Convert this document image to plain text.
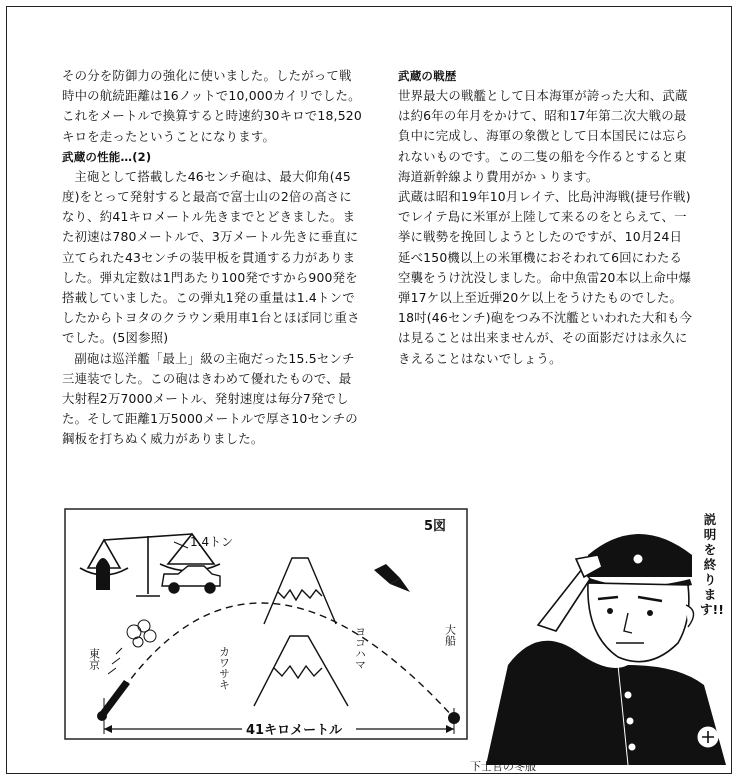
その分を防御力の強化に使いました。したがって戦時中の航続距離は16ノットで10,000カイリでした。これをメートルで換算すると時速約30キロで18,520キロを走ったということになります。

武蔵の性能…(2)

主砲として搭載した46センチ砲は、最大仰角(45度)をとって発射すると最高で富士山の2倍の高さになり、約41キロメートル先きまでとどきました。また初速は780メートルで、3万メートル先きに垂直に立てられた43センチの装甲板を貫通する力がありました。弾丸定数は1門あたり100発ですから900発を搭載していました。この弾丸1発の重量は1.4トンでしたからトヨタのクラウン乗用車1台とほぼ同じ重さでした。(5図参照)

副砲は巡洋艦「最上」級の主砲だった15.5センチ三連装でした。この砲はきわめて優れたもので、最大射程2万7000メートル、発射速度は毎分7発でした。そして距離1万5000メートルで厚さ10センチの鋼板を打ちぬく威力がありました。

武蔵の戦歴

世界最大の戦艦として日本海軍が誇った大和、武蔵は約6年の年月をかけて、昭和17年第二次大戦の最負中に完成し、海軍の象徴として日本国民には忘られないものです。この二隻の船を今作るとすると東海道新幹線より費用がかゝります。

武蔵は昭和19年10月レイテ、比島沖海戦(捷号作戦)でレイテ島に米軍が上陸して来るのをとらえて、一挙に戦勢を挽回しようとしたのですが、10月24日延べ150機以上の米軍機におそわれて6回にわたる空襲をうけ沈没しました。命中魚雷20本以上命中爆弾17ケ以上至近弾20ケ以上をうけたものでした。

18吋(46センチ)砲をつみ不沈艦といわれた大和も今は見ることは出来ませんが、その面影だけは永久にきえることはないでしょう。

1.4トン
5図
カワサキ	ヨコハマ
東京
大船
41キロメートル
説明を終ります!!
下士官の冬服
